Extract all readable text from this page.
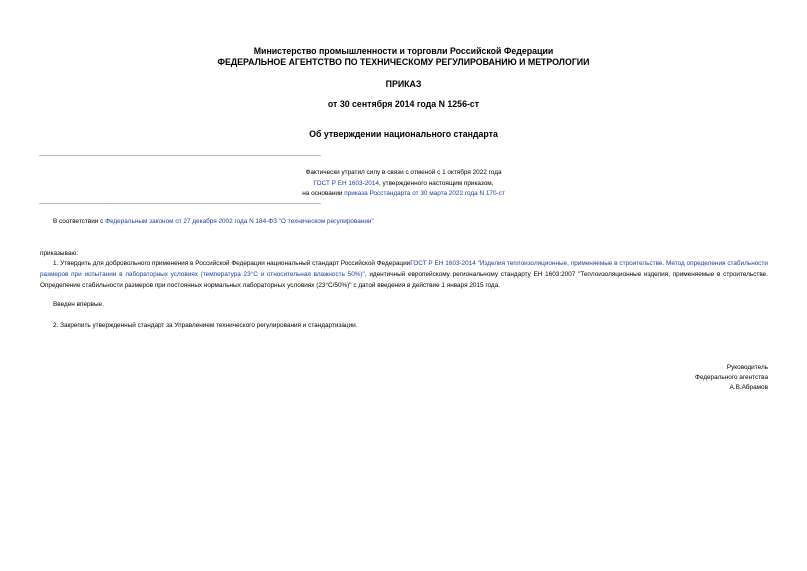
Министерство промышленности и торговли Российской Федерации
ФЕДЕРАЛЬНОЕ АГЕНТСТВО ПО ТЕХНИЧЕСКОМУ РЕГУЛИРОВАНИЮ И МЕТРОЛОГИИ
ПРИКАЗ
от 30 сентября 2014 года N 1256-ст
Об утверждении национального стандарта
Фактически утратил силу в связи с отменой с 1 октября 2022 года
ГОСТ Р ЕН 1603-2014, утвержденного настоящим приказом,
на основании приказа Росстандарта от 30 марта 2022 года N 170-ст
В соответствии с Федеральным законом от 27 декабря 2002 года N 184-ФЗ "О техническом регулировании"
приказываю:
1. Утвердить для добровольного применения в Российской Федерации национальный стандарт Российской ФедерацииГОСТ Р ЕН 1603-2014 "Изделия теплоизоляционные, применяемые в строительстве. Метод определения стабильности размеров при испытании в лабораторных условиях (температура 23°С и относительная влажность 50%)", идентичный европейскому региональному стандарту ЕН 1603:2007 "Теплоизоляционные изделия, применяемые в строительстве. Определение стабильности размеров при постоянных нормальных лабораторных условиях (23°С/50%)" с датой введения в действие 1 января 2015 года.
Введен впервые.
2. Закрепить утвержденный стандарт за Управлением технического регулирования и стандартизации.
Руководитель
Федерального агентства
А.В.Абрамов
